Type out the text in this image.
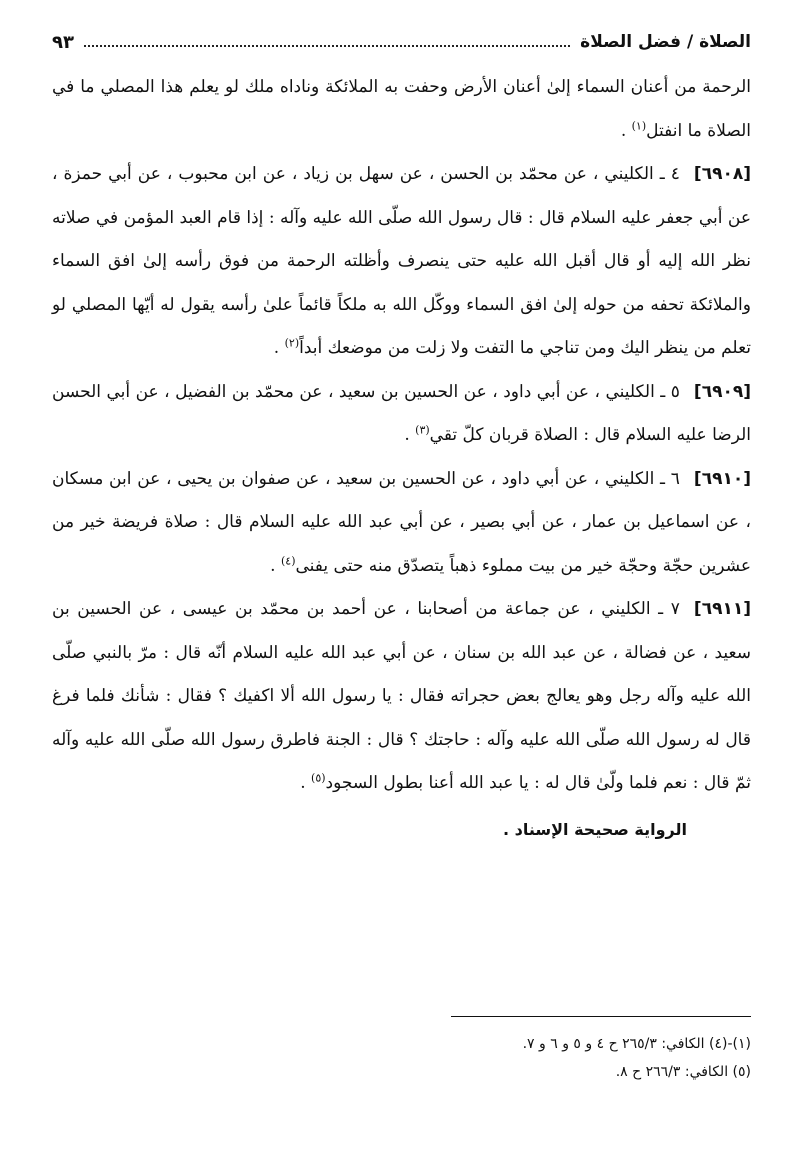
الصلاة / فضل الصلاة
٩٣

الرحمة من أعنان السماء إلىٰ أعنان الأرض وحفت به الملائكة وناداه ملك لو يعلم هذا المصلي ما في الصلاة ما انفتل$^{(١)}$ .

[٦٩٠٨]٤ ـ الكليني ، عن محمّد بن الحسن ، عن سهل بن زياد ، عن ابن محبوب ، عن أبي حمزة ، عن أبي جعفر عليه السلام قال : قال رسول الله صلّى الله عليه وآله : إذا قام العبد المؤمن في صلاته نظر الله إليه أو قال أقبل الله عليه حتى ينصرف وأظلته الرحمة من فوق رأسه إلىٰ افق السماء والملائكة تحفه من حوله إلىٰ افق السماء ووكّل الله به ملكاً قائماً علىٰ رأسه يقول له أيّها المصلي لو تعلم من ينظر اليك ومن تناجي ما التفت ولا زلت من موضعك أبداً$^{(٢)}$ .

[٦٩٠٩]٥ ـ الكليني ، عن أبي داود ، عن الحسين بن سعيد ، عن محمّد بن الفضيل ، عن أبي الحسن الرضا عليه السلام قال : الصلاة قربان كلّ تقي$^{(٣)}$ .

[٦٩١٠]٦ ـ الكليني ، عن أبي داود ، عن الحسين بن سعيد ، عن صفوان بن يحيى ، عن ابن مسكان ، عن اسماعيل بن عمار ، عن أبي بصير ، عن أبي عبد الله عليه السلام قال : صلاة فريضة خير من عشرين حجّة وحجّة خير من بيت مملوء ذهباً يتصدّق منه حتى يفنى$^{(٤)}$ .

[٦٩١١]٧ ـ الكليني ، عن جماعة من أصحابنا ، عن أحمد بن محمّد بن عيسى ، عن الحسين بن سعيد ، عن فضالة ، عن عبد الله بن سنان ، عن أبي عبد الله عليه السلام أنّه قال : مرّ بالنبي صلّى الله عليه وآله رجل وهو يعالج بعض حجراته فقال : يا رسول الله ألا اكفيك ؟ فقال : شأنك فلما فرغ قال له رسول الله صلّى الله عليه وآله : حاجتك ؟ قال : الجنة فاطرق رسول الله صلّى الله عليه وآله ثمّ قال : نعم فلما ولّىٰ قال له : يا عبد الله أعنا بطول السجود$^{(٥)}$ .

الرواية صحيحة الإسناد .

(١)-(٤) الكافي: ٢٦٥/٣ ح ٤ و ٥ و ٦ و ٧.
(٥) الكافي: ٢٦٦/٣ ح ٨.
